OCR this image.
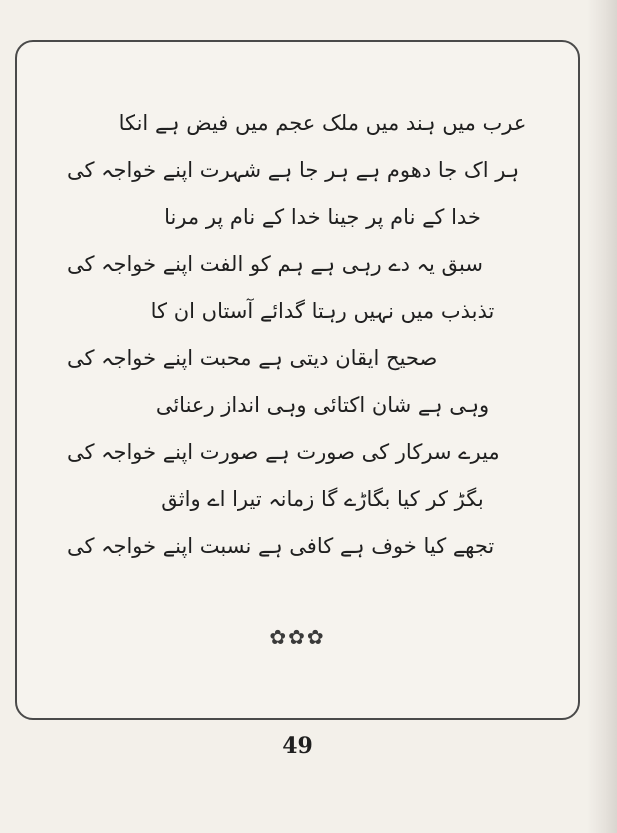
عرب میں ہند میں ملک عجم میں فیض ہے انکا
ہر اک جا دھوم ہے ہر جا ہے شہرت اپنے خواجہ کی
خدا کے نام پر جینا خدا کے نام پر مرنا
سبق یہ دے رہی ہے ہم کو الفت اپنے خواجہ کی
تذبذب میں نہیں رہتا گدائے آستاں ان کا
صحیح ایقان دیتی ہے محبت اپنے خواجہ کی
وہی ہے شان اکتائی وہی انداز رعنائی
میرے سرکار کی صورت ہے صورت اپنے خواجہ کی
بگڑ کر کیا بگاڑے گا زمانہ تیرا اے واثق
تجھے کیا خوف ہے کافی ہے نسبت اپنے خواجہ کی
✿✿✿
49
